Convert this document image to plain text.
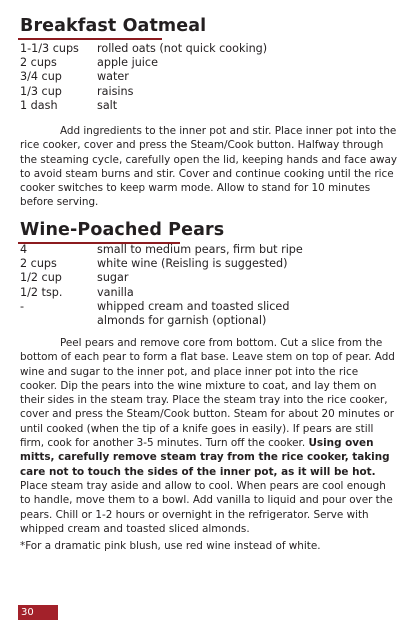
Breakfast Oatmeal
1-1/3 cups	rolled oats (not quick cooking)
2 cups	apple juice
3/4 cup	water
1/3 cup	raisins
1 dash	salt

Add ingredients to the inner pot and stir. Place inner pot into the rice cooker, cover and press the Steam/Cook button. Halfway through the steaming cycle, carefully open the lid, keeping hands and face away to avoid steam burns and stir. Cover and continue cooking until the rice cooker switches to keep warm mode. Allow to stand for 10 minutes before serving.

Wine-Poached Pears
4	small to medium pears, firm but ripe
2 cups	white wine (Reisling is suggested)
1/2 cup	sugar
1/2 tsp.	vanilla
-	whipped cream and toasted sliced almonds for garnish (optional)

Peel pears and remove core from bottom. Cut a slice from the bottom of each pear to form a flat base. Leave stem on top of pear. Add wine and sugar to the inner pot, and place inner pot into the rice cooker. Dip the pears into the wine mixture to coat, and lay them on their sides in the steam tray. Place the steam tray into the rice cooker, cover and press the Steam/Cook button. Steam for about 20 minutes or until cooked (when the tip of a knife goes in easily). If pears are still firm, cook for another 3-5 minutes. Turn off the cooker. Using oven mitts, carefully remove steam tray from the rice cooker, taking care not to touch the sides of the inner pot, as it will be hot. Place steam tray aside and allow to cool. When pears are cool enough to handle, move them to a bowl. Add vanilla to liquid and pour over the pears. Chill or 1-2 hours or overnight in the refrigerator. Serve with whipped cream and toasted sliced almonds.

*For a dramatic pink blush, use red wine instead of white.

30
